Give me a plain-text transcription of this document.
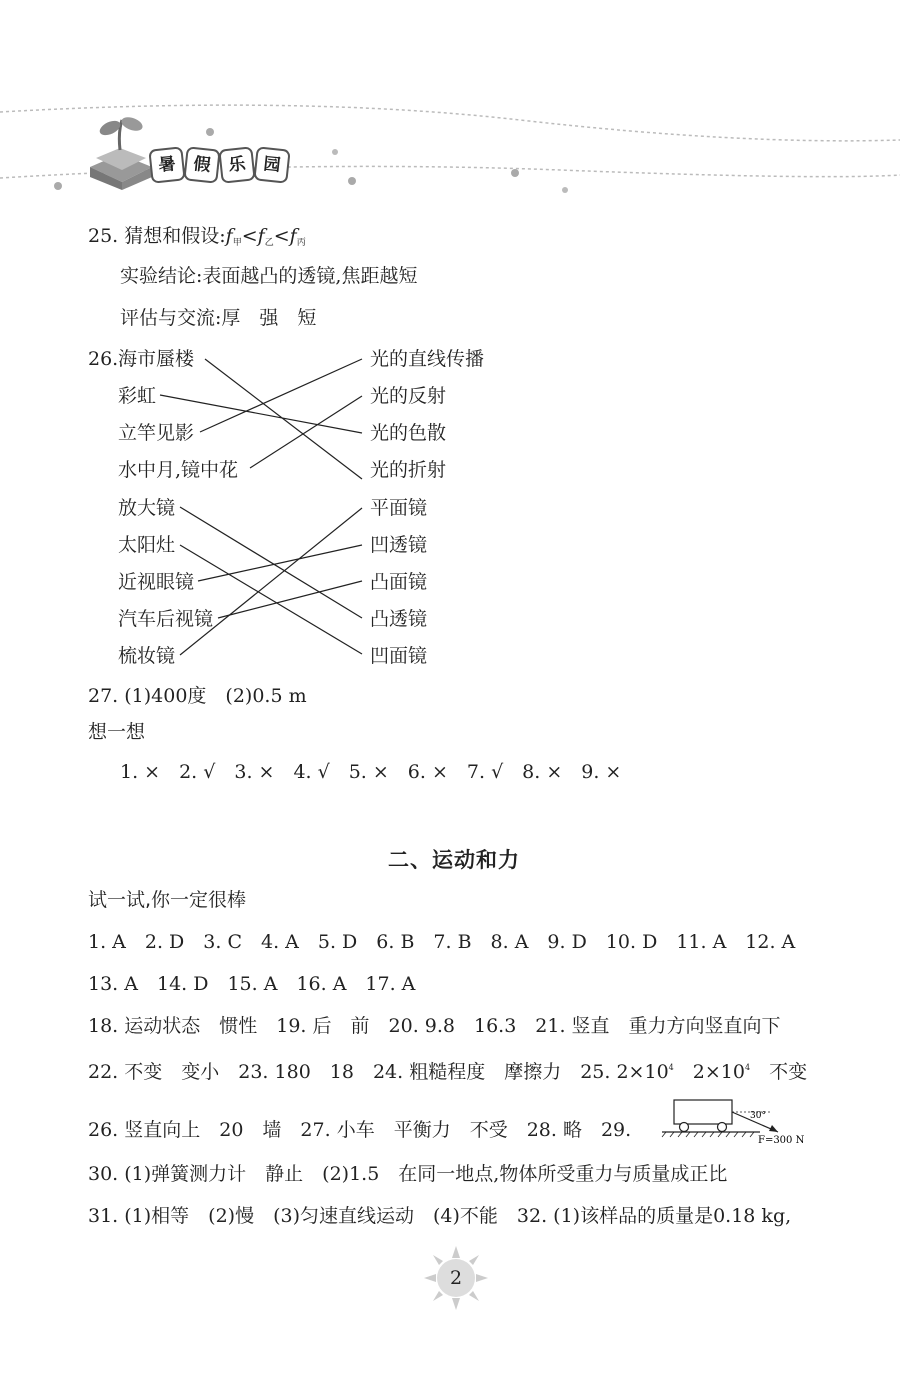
暑 假 乐 园
25. 猜想和假设$:f_甲<f_乙<f_丙$
实验结论:表面越凸的透镜,焦距越短
评估与交流:厚　强　短
26. 海市蜃楼
彩虹
立竿见影
水中月,镜中花
光的直线传播
光的反射
光的色散
光的折射
放大镜
太阳灶
近视眼镜
汽车后视镜
梳妆镜
平面镜
凹透镜
凸面镜
凸透镜
凹面镜
27. (1)400度　(2)0.5 m
想一想
1. ×　2. √　3. ×　4. √　5. ×　6. ×　7. √　8. ×　9. ×
二、运动和力
试一试,你一定很棒
1. A　2. D　3. C　4. A　5. D　6. B　7. B　8. A　9. D　10. D　11. A　12. A
13. A　14. D　15. A　16. A　17. A
18. 运动状态　惯性　19. 后　前　20. 9.8　16.3　21. 竖直　重力方向竖直向下
22. 不变　变小　23. 180　18　24. 粗糙程度　摩擦力　25. $2\times 10^4$　 $2\times 10^4$　 不变
26. 竖直向上　20　墙　27. 小车　平衡力　不受　28. 略　29.
30°
F=300 N
30. (1)弹簧测力计　静止　(2)1.5　在同一地点,物体所受重力与质量成正比
31. (1)相等　(2)慢　(3)匀速直线运动　(4)不能　32. (1)该样品的质量是0.18 kg,
2
